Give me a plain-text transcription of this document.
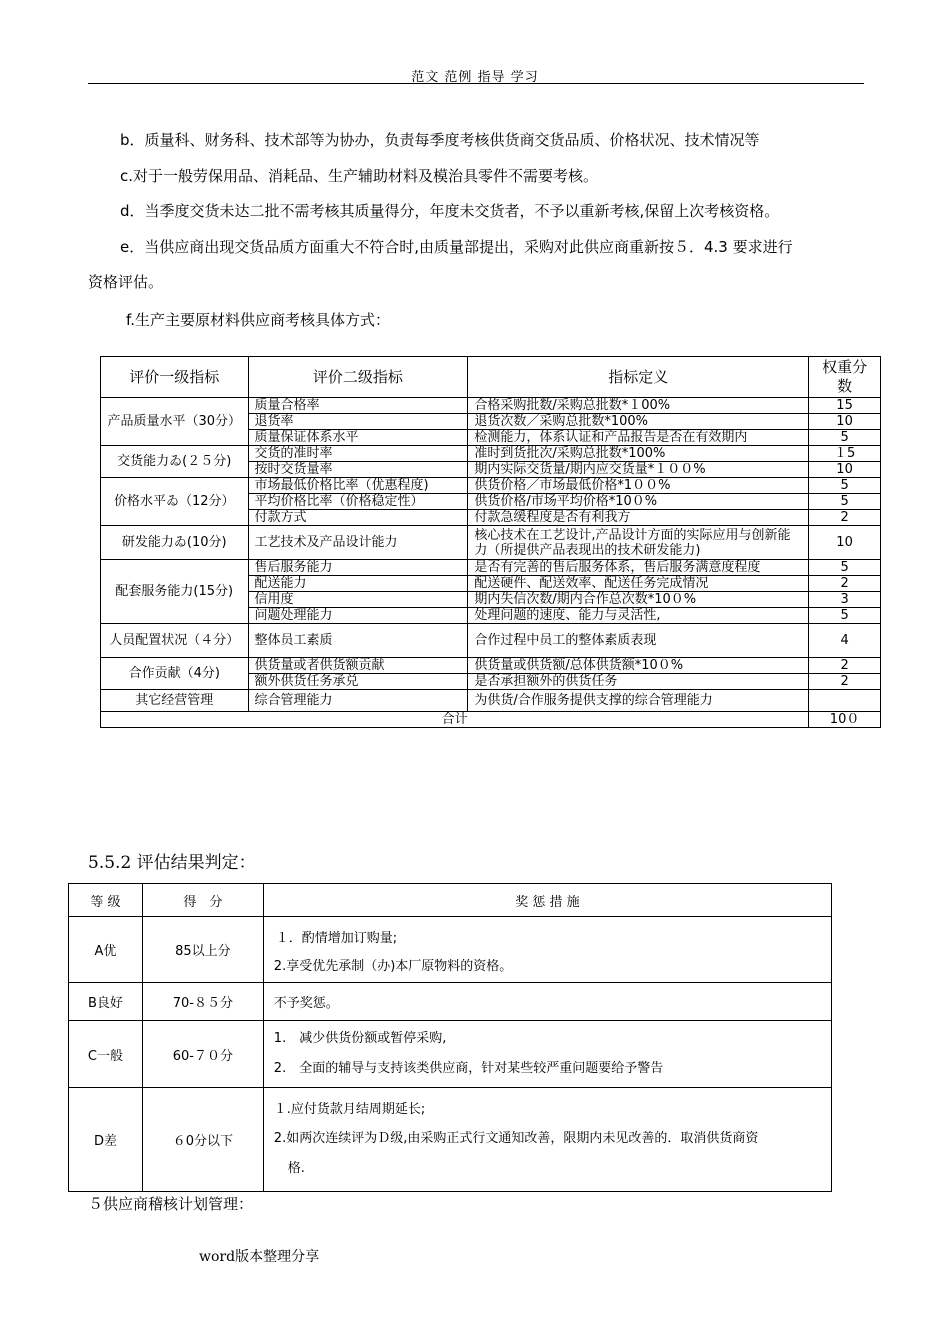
范文 范例 指导 学习
b．质量科、财务科、技术部等为协办，负责每季度考核供货商交货品质、价格状况、技术情况等
c.对于一般劳保用品、消耗品、生产辅助材料及模治具零件不需要考核。
d．当季度交货未达二批不需考核其质量得分，年度未交货者，不予以重新考核,保留上次考核资格。
e．当供应商出现交货品质方面重大不符合时,由质量部提出，采购对此供应商重新按５．4.3 要求进行
资格评估。
f.生产主要原材料供应商考核具体方式：
评价一级指标	评价二级指标	指标定义	权重分数
产品质量水平（30分）	质量合格率	合格采购批数/采购总批数*１00%	15
	退货率	退货次数／采购总批数*100%	10
	质量保证体系水平	检测能力，体系认证和产品报告是否在有效期内	5
交货能力ゐ(２５分)	交货的准时率	准时到货批次/采购总批数*100%	１5
	按时交货量率	期内实际交货量/期内应交货量*１００%	10
价格水平ゐ（12分）	市场最低价格比率（优惠程度)	供货价格／市场最低价格*1００%	5
	平均价格比率（价格稳定性）	供货价格/市场平均价格*10０%	5
	付款方式	付款急缓程度是否有利我方	2
研发能力ゐ(10分)	工艺技术及产品设计能力	核心技术在工艺设计,产品设计方面的实际应用与创新能力（所提供产品表现出的技术研发能力)	10
配套服务能力(15分)	售后服务能力	是否有完善的售后服务体系，售后服务满意度程度	5
	配送能力	配送硬件、配送效率、配送任务完成情况	2
	信用度	期内失信次数/期内合作总次数*10０%	3
	问题处理能力	处理问题的速度、能力与灵活性,	5
人员配置状况（４分）	整体员工素质	合作过程中员工的整体素质表现	4
合作贡献（4分)	供货量或者供货额贡献	供货量或供货额/总体供货额*10０%	2
	额外供货任务承兑	是否承担额外的供货任务	2
其它经营管理	综合管理能力	为供货/合作服务提供支撑的综合管理能力	
合计			10０
5.5.2 评估结果判定：
等 级	得　分	奖 惩 措 施
A优	85以上分	１．酌情增加订购量;
2.享受优先承制（办)本厂原物料的资格。

B良好	70-８５分	不予奖惩。

C一般	60-７０分	1.　减少供货份额或暂停采购,
2.　全面的辅导与支持该类供应商，针对某些较严重问题要给予警告

D差	６0分以下	１.应付货款月结周期延长;
2.如两次连续评为Ｄ级,由采购正式行文通知改善，限期内未见改善的．取消供货商资
格.
５供应商稽核计划管理：
word版本整理分享
